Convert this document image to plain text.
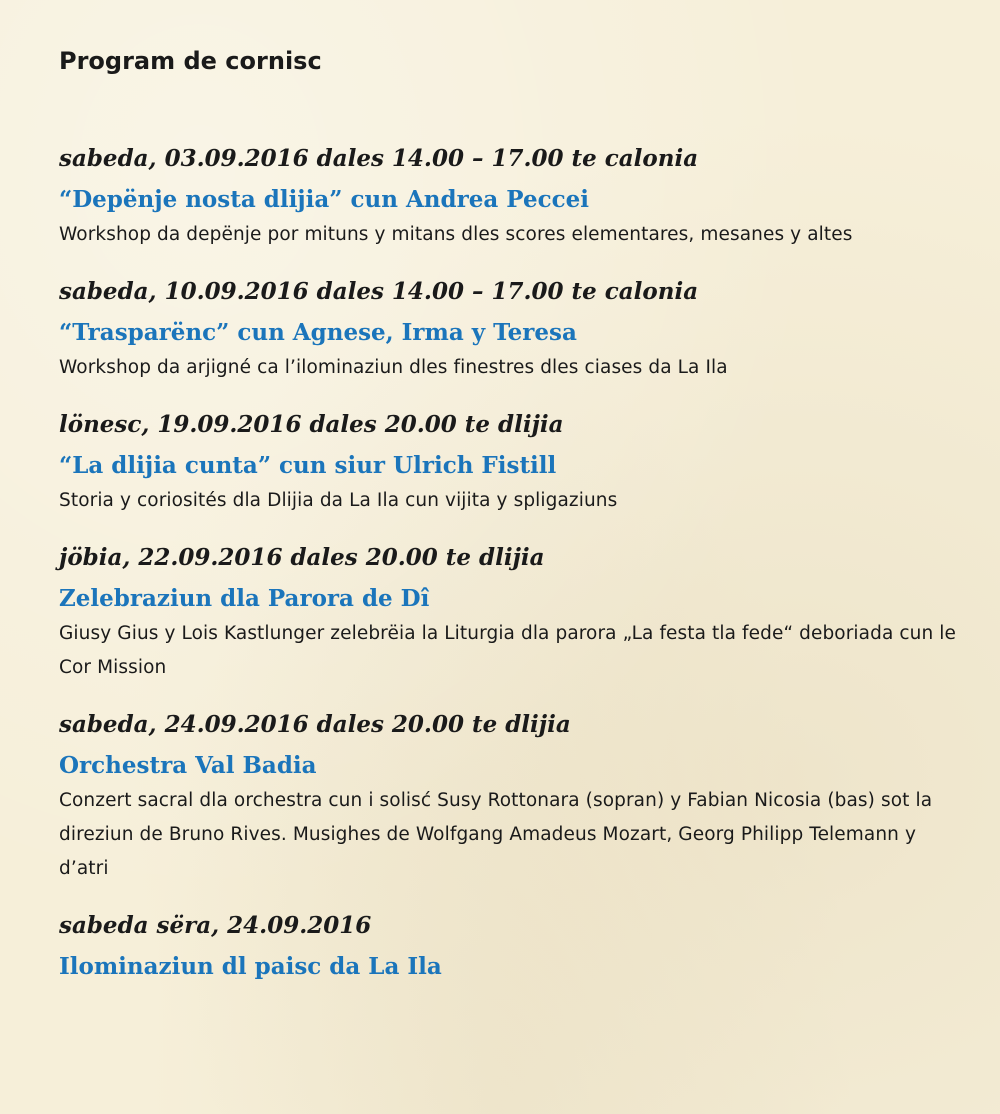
Program de cornisc
sabeda, 03.09.2016 dales 14.00 – 17.00 te calonia
“Depënje nosta dlijia” cun Andrea Peccei

Workshop da depënje por mituns y mitans dles scores elementares, mesanes y altes

sabeda, 10.09.2016 dales 14.00 – 17.00 te calonia
“Trasparënc” cun Agnese, Irma y Teresa

Workshop da arjigné ca l’ilominaziun dles finestres dles ciases da La Ila

lönesc, 19.09.2016 dales 20.00 te dlijia
“La dlijia cunta” cun siur Ulrich Fistill

Storia y coriosités dla Dlijia da La Ila cun vijita y spligaziuns

jöbia, 22.09.2016 dales 20.00 te dlijia
Zelebraziun dla Parora de Dî

Giusy Gius y Lois Kastlunger zelebrëia la Liturgia dla parora „La festa tla fede“ deboriada cun le Cor Mission

sabeda, 24.09.2016 dales 20.00 te dlijia
Orchestra Val Badia

Conzert sacral dla orchestra cun i solisć Susy Rottonara (sopran) y Fabian Nicosia (bas) sot la direziun de Bruno Rives. Musighes de Wolfgang Amadeus Mozart, Georg Philipp Telemann y d’atri

sabeda sëra, 24.09.2016
Ilominaziun dl paisc da La Ila
